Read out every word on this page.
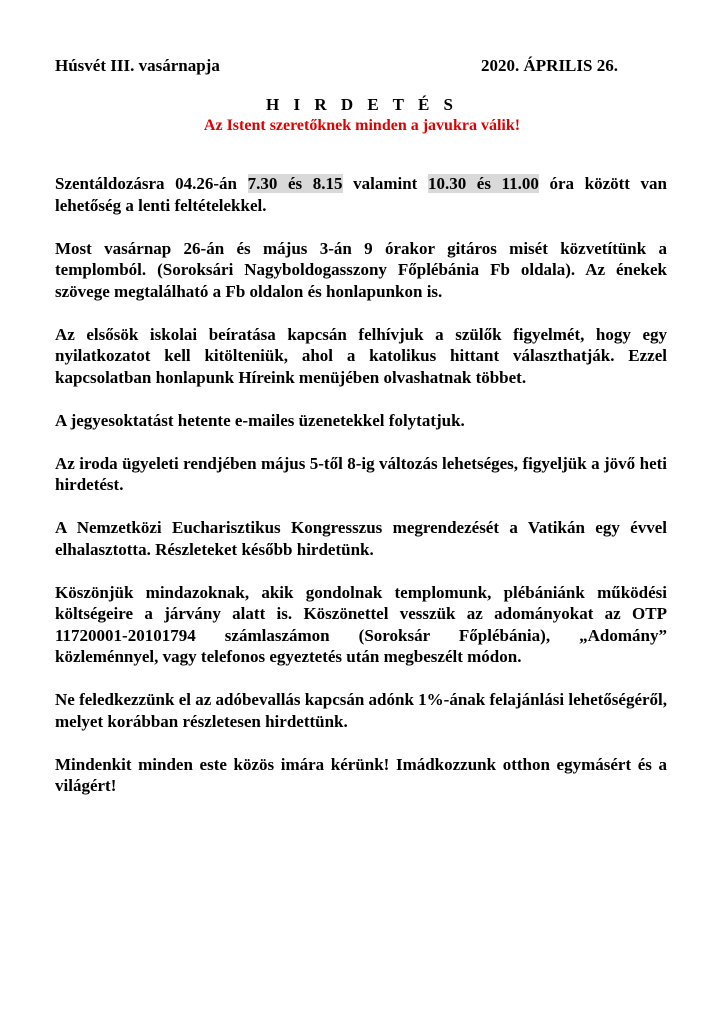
Húsvét III. vasárnapja	2020. ÁPRILIS 26.
H I R D E T É S
Az Istent szeretőknek minden a javukra válik!

Szentáldozásra 04.26-án 7.30 és 8.15 valamint 10.30 és 11.00 óra között van lehetőség a lenti feltételekkel.

Most vasárnap 26-án és május 3-án 9 órakor gitáros misét közvetítünk a templomból. (Soroksári Nagyboldogasszony Főplébánia Fb oldala). Az énekek szövege megtalálható a Fb oldalon és honlapunkon is.

Az elsősök iskolai beíratása kapcsán felhívjuk a szülők figyelmét, hogy egy nyilatkozatot kell kitölteniük, ahol a katolikus hittant választhatják. Ezzel kapcsolatban honlapunk Híreink menüjében olvashatnak többet.

A jegyesoktatást hetente e-mailes üzenetekkel folytatjuk.

Az iroda ügyeleti rendjében május 5-től 8-ig változás lehetséges, figyeljük a jövő heti hirdetést.

A Nemzetközi Eucharisztikus Kongresszus megrendezését a Vatikán egy évvel elhalasztotta. Részleteket később hirdetünk.

Köszönjük mindazoknak, akik gondolnak templomunk, plébániánk működési költségeire a járvány alatt is. Köszönettel vesszük az adományokat az OTP 11720001-20101794 számlaszámon (Soroksár Főplébánia), „Adomány” közleménnyel, vagy telefonos egyeztetés után megbeszélt módon.

Ne feledkezzünk el az adóbevallás kapcsán adónk 1%-ának felajánlási lehetőségéről, melyet korábban részletesen hirdettünk.

Mindenkit minden este közös imára kérünk! Imádkozzunk otthon egymásért és a világért!
